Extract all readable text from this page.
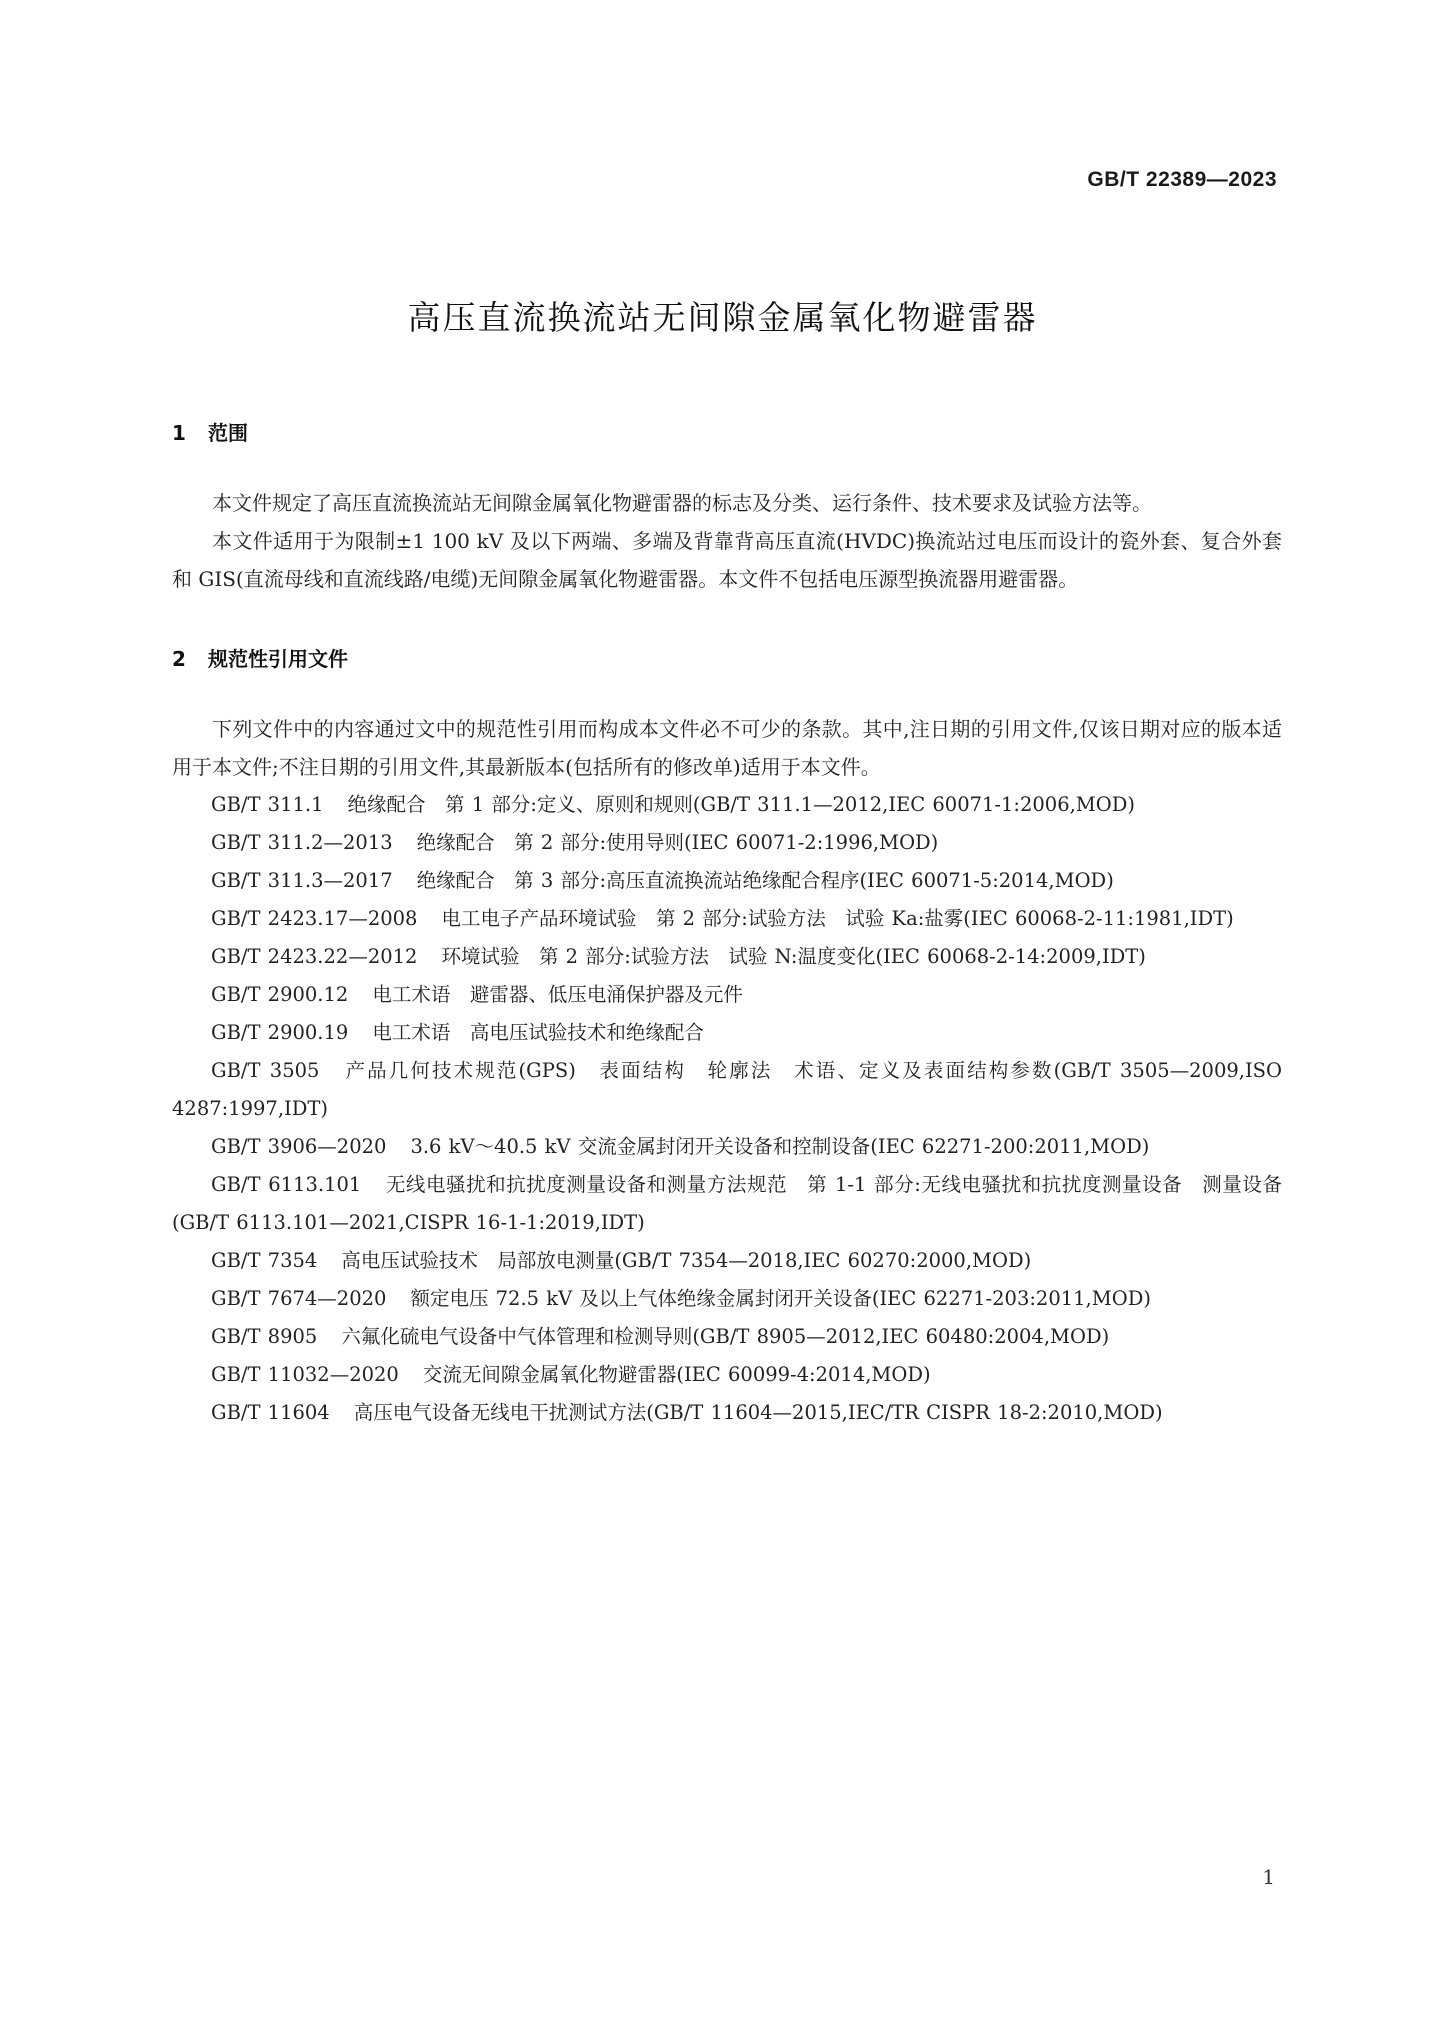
GB/T 22389—2023
高压直流换流站无间隙金属氧化物避雷器
1 范围

本文件规定了高压直流换流站无间隙金属氧化物避雷器的标志及分类、运行条件、技术要求及试验方法等。

本文件适用于为限制±1 100 kV 及以下两端、多端及背靠背高压直流(HVDC)换流站过电压而设计的瓷外套、复合外套和 GIS(直流母线和直流线路/电缆)无间隙金属氧化物避雷器。本文件不包括电压源型换流器用避雷器。

2 规范性引用文件

下列文件中的内容通过文中的规范性引用而构成本文件必不可少的条款。其中,注日期的引用文件,仅该日期对应的版本适用于本文件;不注日期的引用文件,其最新版本(包括所有的修改单)适用于本文件。

GB/T 311.1 绝缘配合　第 1 部分:定义、原则和规则(GB/T 311.1—2012,IEC 60071-1:2006,MOD)

GB/T 311.2—2013 绝缘配合　第 2 部分:使用导则(IEC 60071-2:1996,MOD)

GB/T 311.3—2017 绝缘配合　第 3 部分:高压直流换流站绝缘配合程序(IEC 60071-5:2014,MOD)

GB/T 2423.17—2008 电工电子产品环境试验　第 2 部分:试验方法　试验 Ka:盐雾(IEC 60068-2-11:1981,IDT)

GB/T 2423.22—2012 环境试验　第 2 部分:试验方法　试验 N:温度变化(IEC 60068-2-14:2009,IDT)

GB/T 2900.12 电工术语　避雷器、低压电涌保护器及元件

GB/T 2900.19 电工术语　高电压试验技术和绝缘配合

GB/T 3505 产品几何技术规范(GPS)　表面结构　轮廓法　术语、定义及表面结构参数(GB/T 3505—2009,ISO 4287:1997,IDT)

GB/T 3906—2020 3.6 kV～40.5 kV 交流金属封闭开关设备和控制设备(IEC 62271-200:2011,MOD)

GB/T 6113.101 无线电骚扰和抗扰度测量设备和测量方法规范　第 1-1 部分:无线电骚扰和抗扰度测量设备　测量设备(GB/T 6113.101—2021,CISPR 16-1-1:2019,IDT)

GB/T 7354 高电压试验技术　局部放电测量(GB/T 7354—2018,IEC 60270:2000,MOD)

GB/T 7674—2020 额定电压 72.5 kV 及以上气体绝缘金属封闭开关设备(IEC 62271-203:2011,MOD)

GB/T 8905 六氟化硫电气设备中气体管理和检测导则(GB/T 8905—2012,IEC 60480:2004,MOD)

GB/T 11032—2020 交流无间隙金属氧化物避雷器(IEC 60099-4:2014,MOD)

GB/T 11604 高压电气设备无线电干扰测试方法(GB/T 11604—2015,IEC/TR CISPR 18-2:2010,MOD)

1
